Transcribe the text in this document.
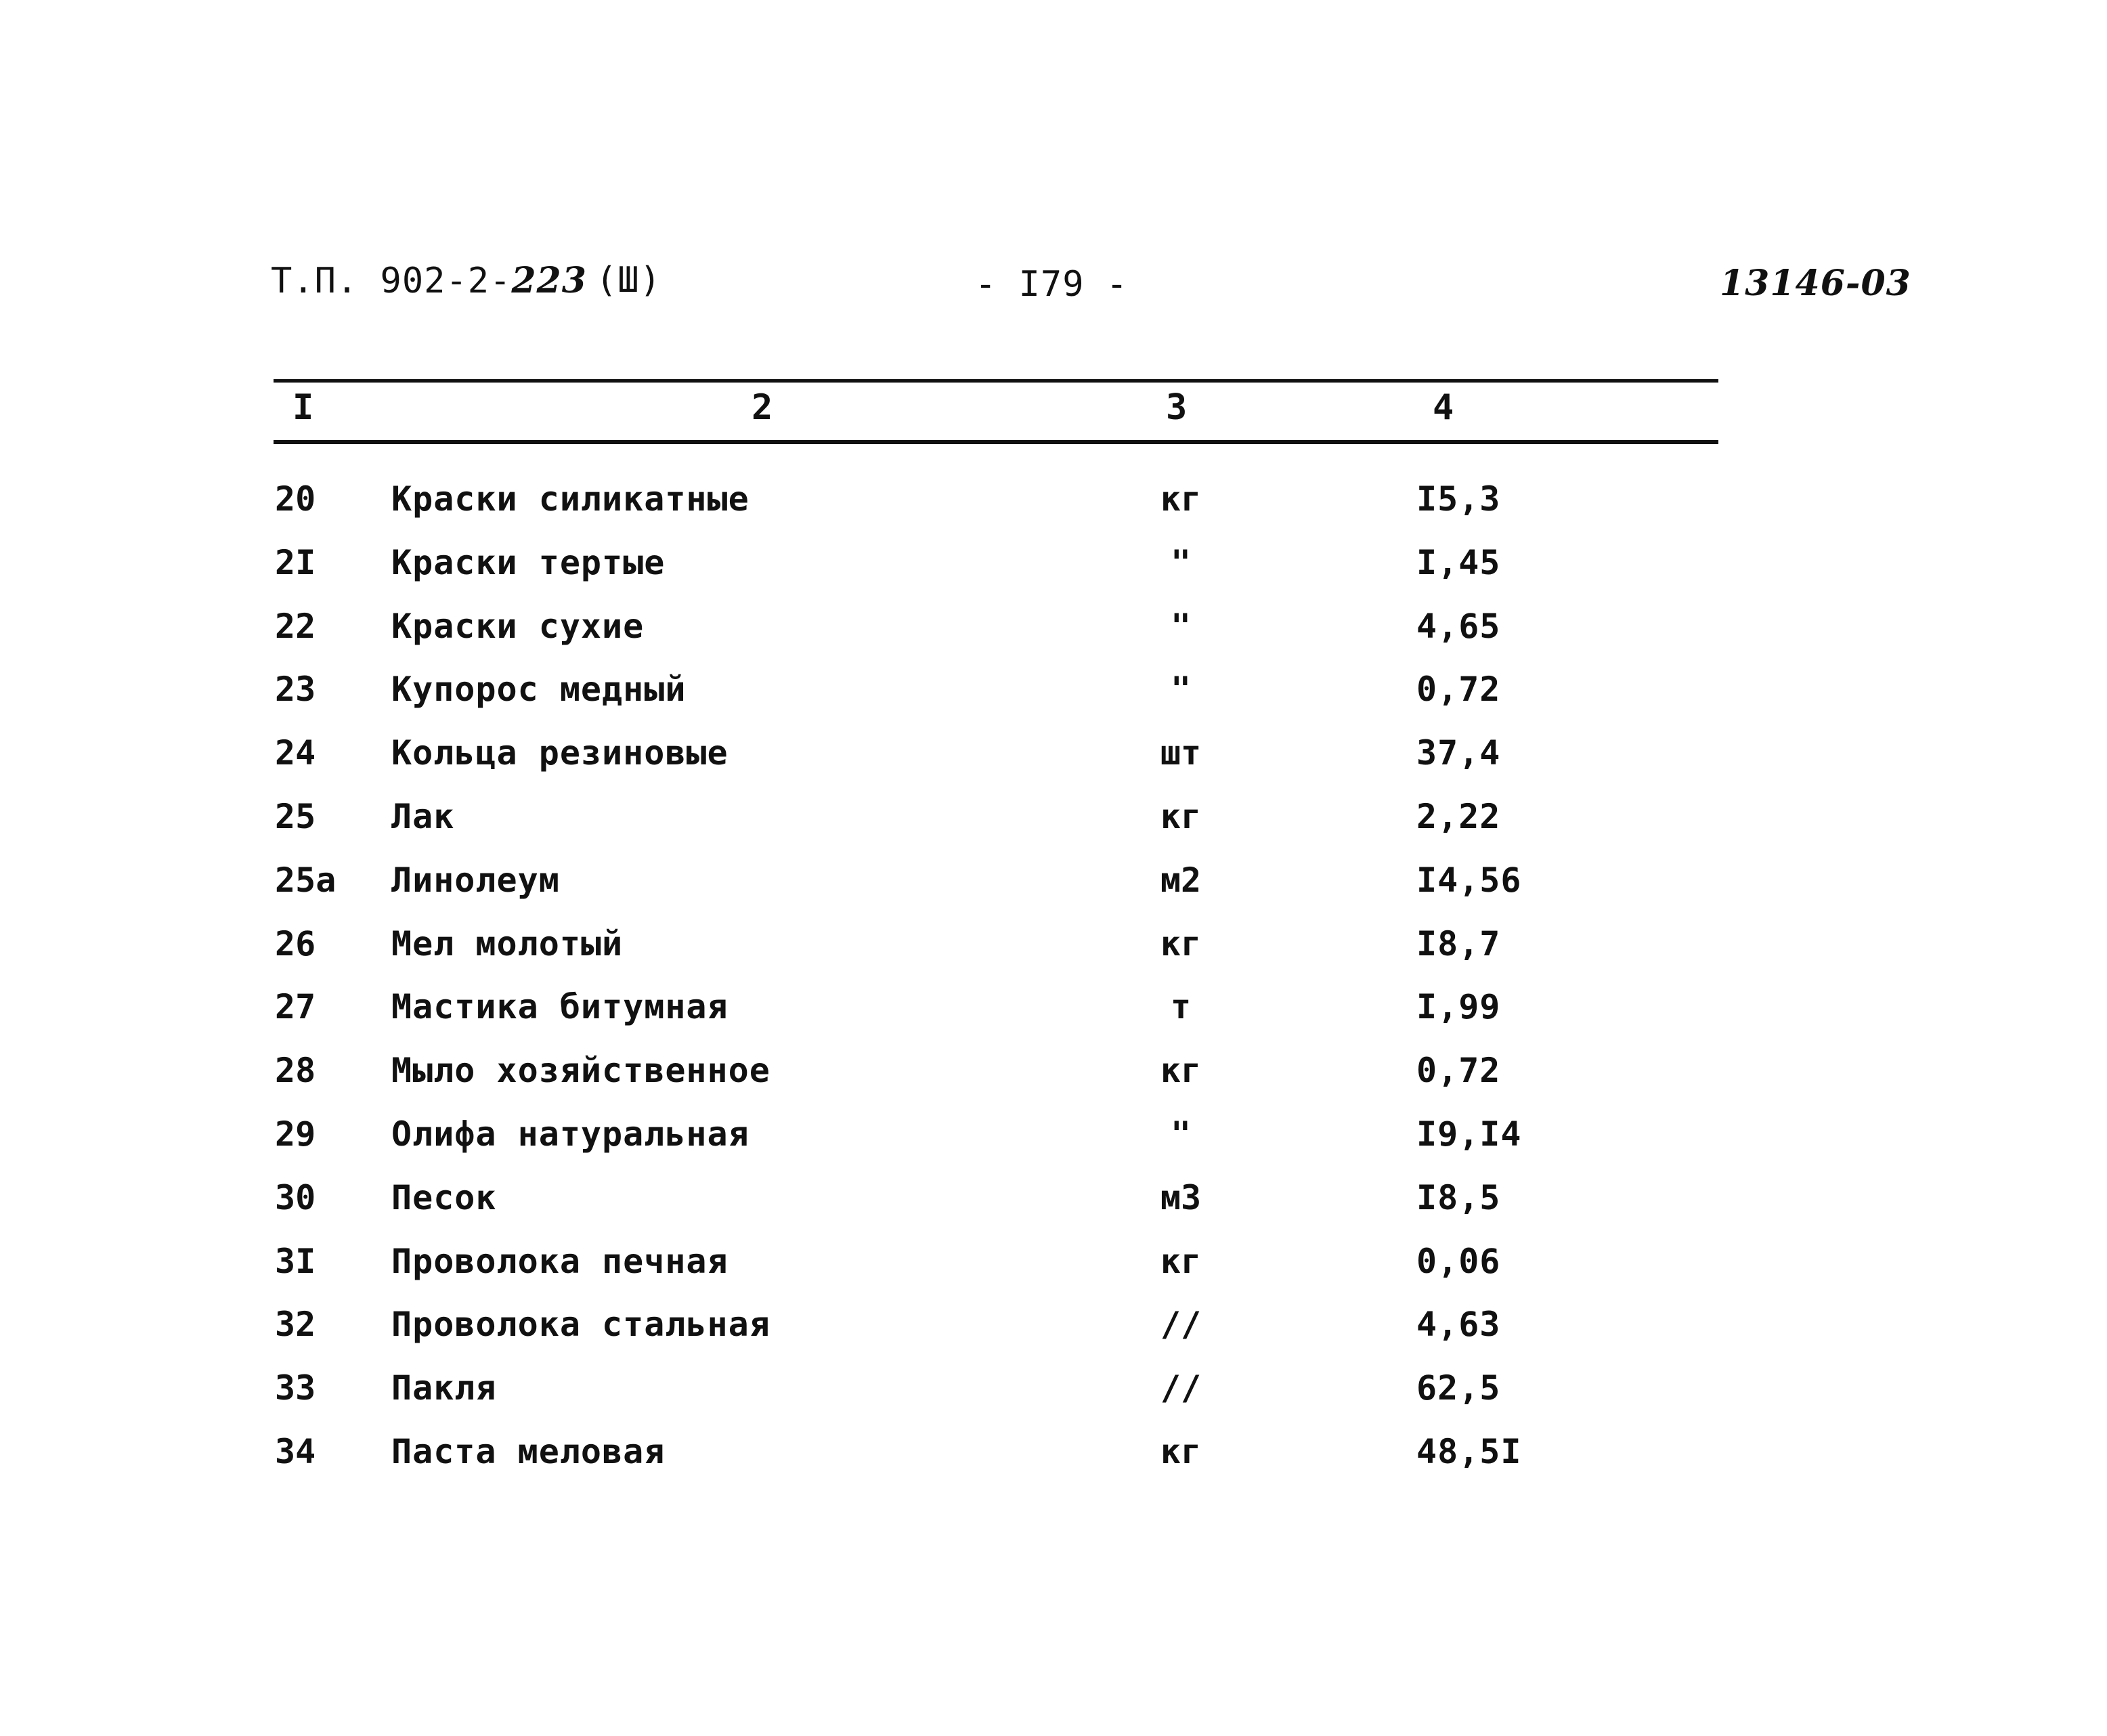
Т.П. 902-2-223 (Ш)	- I79 -	13146-03
I	2	3	4
20 Краски силикатные	кг	I5,3
2I Краски тертые	"	I,45
22 Краски сухие	"	4,65
23 Купорос медный	"	0,72
24 Кольца резиновые	шт	37,4
25 Лак	кг	2,22
25а Линолеум	м2	I4,56
26 Мел молотый	кг	I8,7
27 Мастика битумная	т	I,99
28 Мыло хозяйственное	кг	0,72
29 Олифа натуральная	"	I9,I4
30 Песок	м3	I8,5
3I Проволока печная	кг	0,06
32 Проволока стальная	//	4,63
33 Пакля	//	62,5
34 Паста меловая	кг	48,5I
